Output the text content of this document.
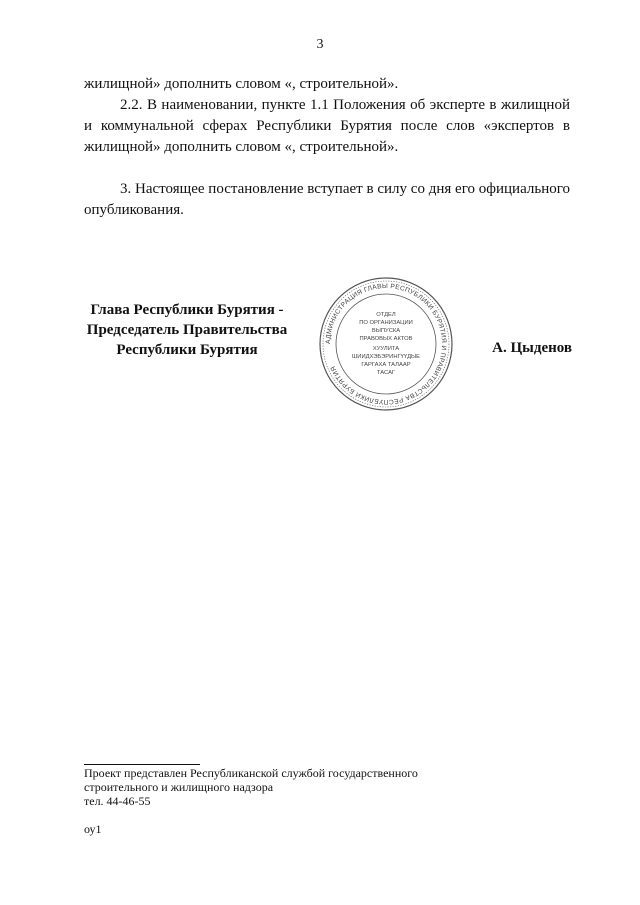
3
жилищной» дополнить словом «, строительной».
2.2. В наименовании, пункте 1.1 Положения об эксперте в жилищной и коммунальной сферах Республики Бурятия после слов «экспертов в жилищной» дополнить словом «, строительной».
3. Настоящее постановление вступает в силу со дня его официального опубликования.
Глава Республики Бурятия -
Председатель Правительства
Республики Бурятия
АДМИНИСТРАЦИЯ ГЛАВЫ РЕСПУБЛИКИ БУРЯТИЯ И ПРАВИТЕЛЬСТВА РЕСПУБЛИКИ БУРЯТИЯ
ОТДЕЛ
ПО ОРГАНИЗАЦИИ
ВЫПУСКА
ПРАВОВЫХ АКТОВ
ХУУЛИТА
ШИИДХЭБЭРИНГҮҮДЫЕ
ГАРГАХА ТАЛААР
ТАСАГ
А. Цыденов
Проект представлен Республиканской службой государственного
строительного и жилищного надзора
тел. 44-46-55
оу1
